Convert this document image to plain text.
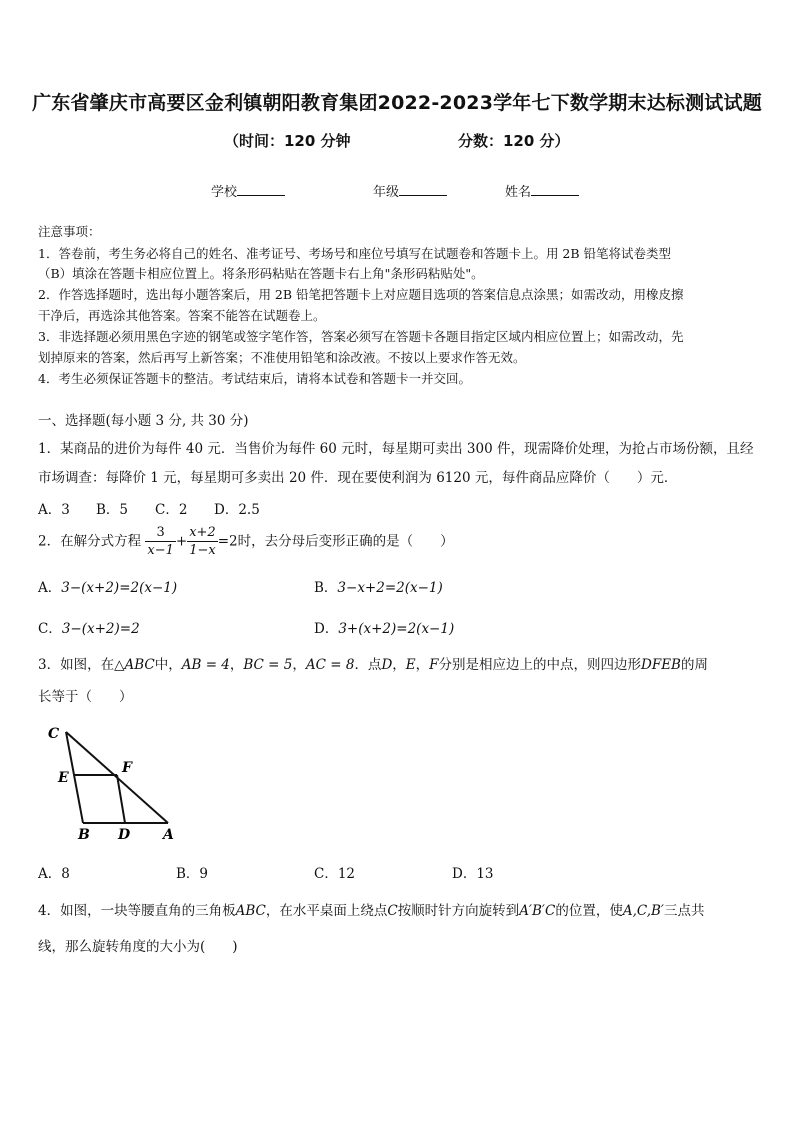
广东省肇庆市高要区金利镇朝阳教育集团2022-2023学年七下数学期末达标测试试题
（时间：120 分钟	分数：120 分）
学校	年级	姓名
注意事项：
1．答卷前，考生务必将自己的姓名、准考证号、考场号和座位号填写在试题卷和答题卡上。用 2B 铅笔将试卷类型
（B）填涂在答题卡相应位置上。将条形码粘贴在答题卡右上角"条形码粘贴处"。
2．作答选择题时，选出每小题答案后，用 2B 铅笔把答题卡上对应题目选项的答案信息点涂黑；如需改动，用橡皮擦
干净后，再选涂其他答案。答案不能答在试题卷上。
3．非选择题必须用黑色字迹的钢笔或签字笔作答，答案必须写在答题卡各题目指定区域内相应位置上；如需改动，先
划掉原来的答案，然后再写上新答案；不准使用铅笔和涂改液。不按以上要求作答无效。
4．考生必须保证答题卡的整洁。考试结束后，请将本试卷和答题卡一并交回。
一、选择题(每小题 3 分, 共 30 分)
1．某商品的进价为每件 40 元．当售价为每件 60 元时，每星期可卖出 300 件，现需降价处理，为抢占市场份额，且经
市场调查：每降价 1 元，每星期可多卖出 20 件．现在要使利润为 6120 元，每件商品应降价（　　）元．
A．3 B．5 C．2 D．2.5
2．在解分式方程 $\frac{3}{x-1} + \frac{x+2}{1-x} =2$时，去分母后变形正确的是（　　）
A．3−(x+2)=2(x−1)	B．3−x+2=2(x−1)
C．3−(x+2)=2	D．3+(x+2)=2(x−1)
3．如图，在△ABC中，AB = 4，BC = 5，AC = 8．点D，E，F分别是相应边上的中点，则四边形DFEB的周
长等于（　　）
C
E
F
B D A
A．8	B．9	C．12	D．13
4．如图，一块等腰直角的三角板ABC，在水平桌面上绕点C按顺时针方向旋转到A′B′C的位置，使A,C,B′三点共
线，那么旋转角度的大小为(　　)
